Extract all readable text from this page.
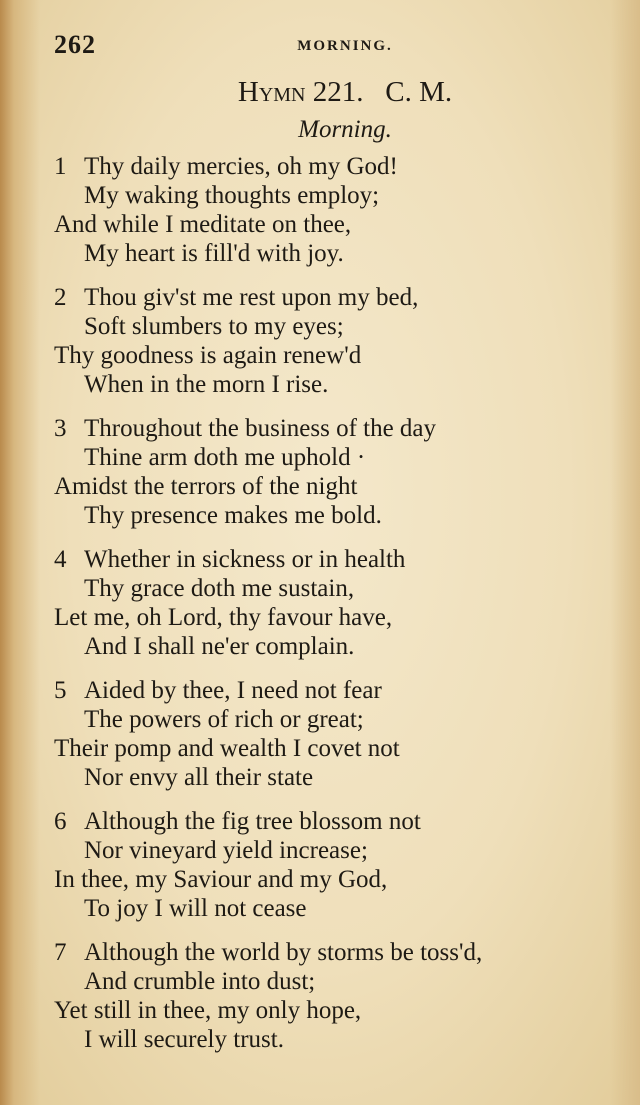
262	MORNING.
Hymn 221. C. M.
Morning.
1 Thy daily mercies, oh my God!
My waking thoughts employ;
And while I meditate on thee,
My heart is fill'd with joy.
2 Thou giv'st me rest upon my bed,
Soft slumbers to my eyes;
Thy goodness is again renew'd
When in the morn I rise.
3 Throughout the business of the day
Thine arm doth me uphold ·
Amidst the terrors of the night
Thy presence makes me bold.
4 Whether in sickness or in health
Thy grace doth me sustain,
Let me, oh Lord, thy favour have,
And I shall ne'er complain.
5 Aided by thee, I need not fear
The powers of rich or great;
Their pomp and wealth I covet not
Nor envy all their state
6 Although the fig tree blossom not
Nor vineyard yield increase;
In thee, my Saviour and my God,
To joy I will not cease
7 Although the world by storms be toss'd,
And crumble into dust;
Yet still in thee, my only hope,
I will securely trust.
